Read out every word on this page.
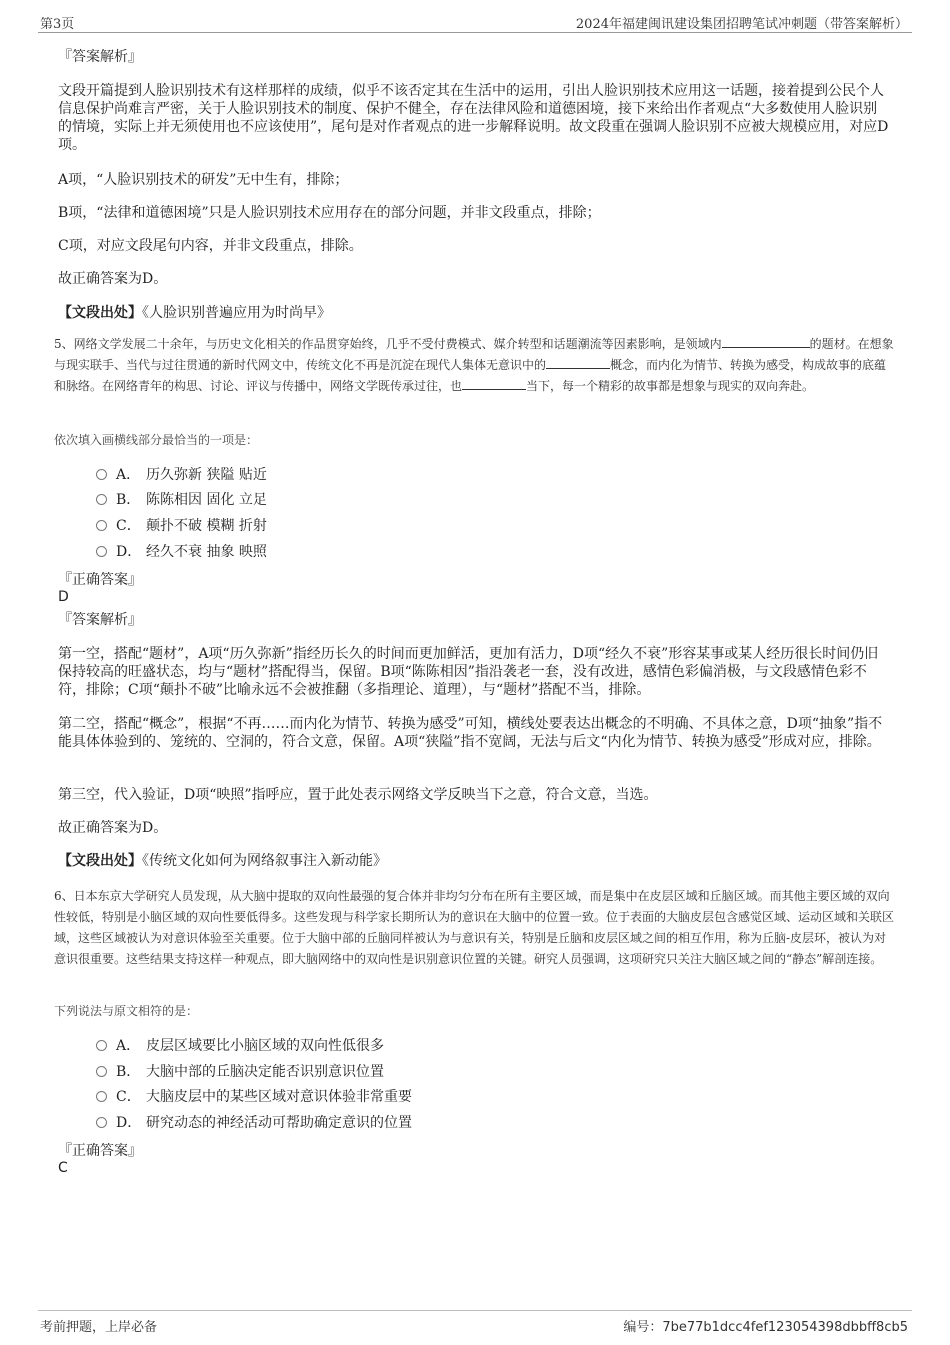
第3页	2024年福建闽讯建设集团招聘笔试冲刺题（带答案解析）
『答案解析』
文段开篇提到人脸识别技术有这样那样的成绩，似乎不该否定其在生活中的运用，引出人脸识别技术应用这一话题，接着提到公民个人信息保护尚难言严密，关于人脸识别技术的制度、保护不健全，存在法律风险和道德困境，接下来给出作者观点“大多数使用人脸识别的情境，实际上并无须使用也不应该使用”，尾句是对作者观点的进一步解释说明。故文段重在强调人脸识别不应被大规模应用，对应D项。
A项，“人脸识别技术的研发”无中生有，排除；
B项，“法律和道德困境”只是人脸识别技术应用存在的部分问题，并非文段重点，排除；
C项，对应文段尾句内容，并非文段重点，排除。
故正确答案为D。
【文段出处】《人脸识别普遍应用为时尚早》
5、网络文学发展二十余年，与历史文化相关的作品贯穿始终，几乎不受付费模式、媒介转型和话题潮流等因素影响，是领域内	的题材。在想象与现实联手、当代与过往贯通的新时代网文中，传统文化不再是沉淀在现代人集体无意识中的	概念，而内化为情节、转换为感受，构成故事的底蕴和脉络。在网络青年的构思、讨论、评议与传播中，网络文学既传承过往，也	当下，每一个精彩的故事都是想象与现实的双向奔赴。
依次填入画横线部分最恰当的一项是：
A． 历久弥新 狭隘 贴近
B． 陈陈相因 固化 立足
C． 颠扑不破 模糊 折射
D． 经久不衰 抽象 映照
『正确答案』
D
『答案解析』
第一空，搭配“题材”，A项“历久弥新”指经历长久的时间而更加鲜活，更加有活力，D项“经久不衰”形容某事或某人经历很长时间仍旧保持较高的旺盛状态，均与“题材”搭配得当，保留。B项“陈陈相因”指沿袭老一套，没有改进，感情色彩偏消极，与文段感情色彩不符，排除；C项“颠扑不破”比喻永远不会被推翻（多指理论、道理），与“题材”搭配不当，排除。
第二空，搭配“概念”，根据“不再……而内化为情节、转换为感受”可知，横线处要表达出概念的不明确、不具体之意，D项“抽象”指不能具体体验到的、笼统的、空洞的，符合文意，保留。A项“狭隘”指不宽阔，无法与后文“内化为情节、转换为感受”形成对应，排除。
第三空，代入验证，D项“映照”指呼应，置于此处表示网络文学反映当下之意，符合文意，当选。
故正确答案为D。
【文段出处】《传统文化如何为网络叙事注入新动能》
6、日本东京大学研究人员发现，从大脑中提取的双向性最强的复合体并非均匀分布在所有主要区域，而是集中在皮层区域和丘脑区域。而其他主要区域的双向性较低，特别是小脑区域的双向性要低得多。这些发现与科学家长期所认为的意识在大脑中的位置一致。位于表面的大脑皮层包含感觉区域、运动区域和关联区域，这些区域被认为对意识体验至关重要。位于大脑中部的丘脑同样被认为与意识有关，特别是丘脑和皮层区域之间的相互作用，称为丘脑-皮层环，被认为对意识很重要。这些结果支持这样一种观点，即大脑网络中的双向性是识别意识位置的关键。研究人员强调，这项研究只关注大脑区域之间的“静态”解剖连接。
下列说法与原文相符的是：
A． 皮层区域要比小脑区域的双向性低很多
B． 大脑中部的丘脑决定能否识别意识位置
C． 大脑皮层中的某些区域对意识体验非常重要
D． 研究动态的神经活动可帮助确定意识的位置
『正确答案』
C
考前押题，上岸必备	编号：7be77b1dcc4fef123054398dbbff8cb5
